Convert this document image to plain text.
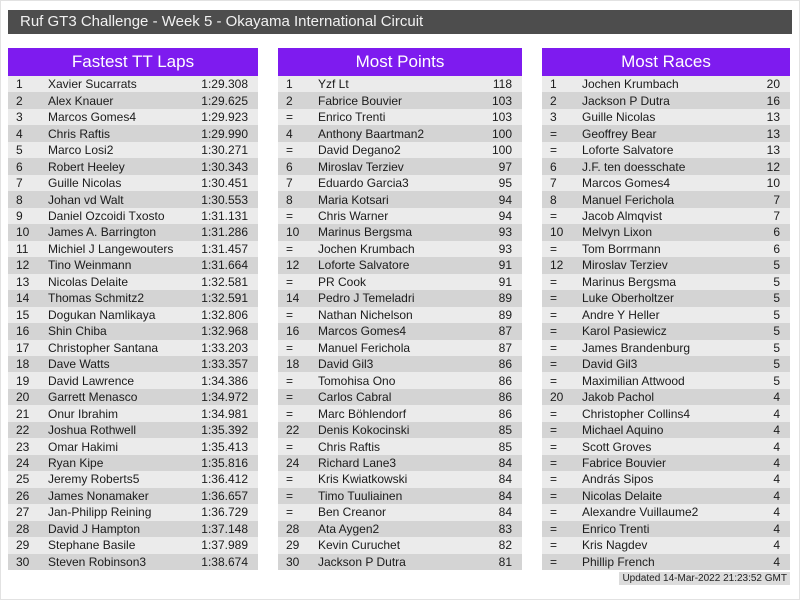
Ruf GT3 Challenge - Week 5 - Okayama International Circuit
Fastest TT Laps
1	Xavier Sucarrats	1:29.308
2	Alex Knauer	1:29.625
3	Marcos Gomes4	1:29.923
4	Chris Raftis	1:29.990
5	Marco Losi2	1:30.271
6	Robert Heeley	1:30.343
7	Guille Nicolas	1:30.451
8	Johan vd Walt	1:30.553
9	Daniel Ozcoidi Txosto	1:31.131
10	James A. Barrington	1:31.286
11	Michiel J Langewouters	1:31.457
12	Tino Weinmann	1:31.664
13	Nicolas Delaite	1:32.581
14	Thomas Schmitz2	1:32.591
15	Dogukan Namlikaya	1:32.806
16	Shin Chiba	1:32.968
17	Christopher Santana	1:33.203
18	Dave Watts	1:33.357
19	David Lawrence	1:34.386
20	Garrett Menasco	1:34.972
21	Onur Ibrahim	1:34.981
22	Joshua Rothwell	1:35.392
23	Omar Hakimi	1:35.413
24	Ryan Kipe	1:35.816
25	Jeremy Roberts5	1:36.412
26	James Nonamaker	1:36.657
27	Jan-Philipp Reining	1:36.729
28	David J Hampton	1:37.148
29	Stephane Basile	1:37.989
30	Steven Robinson3	1:38.674
Most Points
1	Yzf Lt	118
2	Fabrice Bouvier	103
=	Enrico Trenti	103
4	Anthony Baartman2	100
=	David Degano2	100
6	Miroslav Terziev	97
7	Eduardo Garcia3	95
8	Maria Kotsari	94
=	Chris Warner	94
10	Marinus Bergsma	93
=	Jochen Krumbach	93
12	Loforte Salvatore	91
=	PR Cook	91
14	Pedro J Temeladri	89
=	Nathan Nichelson	89
16	Marcos Gomes4	87
=	Manuel Ferichola	87
18	David Gil3	86
=	Tomohisa Ono	86
=	Carlos Cabral	86
=	Marc Böhlendorf	86
22	Denis Kokocinski	85
=	Chris Raftis	85
24	Richard Lane3	84
=	Kris Kwiatkowski	84
=	Timo Tuuliainen	84
=	Ben Creanor	84
28	Ata Aygen2	83
29	Kevin Curuchet	82
30	Jackson P Dutra	81
Most Races
1	Jochen Krumbach	20
2	Jackson P Dutra	16
3	Guille Nicolas	13
=	Geoffrey Bear	13
=	Loforte Salvatore	13
6	J.F. ten doesschate	12
7	Marcos Gomes4	10
8	Manuel Ferichola	7
=	Jacob Almqvist	7
10	Melvyn Lixon	6
=	Tom Borrmann	6
12	Miroslav Terziev	5
=	Marinus Bergsma	5
=	Luke Oberholtzer	5
=	Andre Y Heller	5
=	Karol Pasiewicz	5
=	James Brandenburg	5
=	David Gil3	5
=	Maximilian Attwood	5
20	Jakob Pachol	4
=	Christopher Collins4	4
=	Michael Aquino	4
=	Scott Groves	4
=	Fabrice Bouvier	4
=	András Sipos	4
=	Nicolas Delaite	4
=	Alexandre Vuillaume2	4
=	Enrico Trenti	4
=	Kris Nagdev	4
=	Phillip French	4
Updated 14-Mar-2022 21:23:52 GMT
